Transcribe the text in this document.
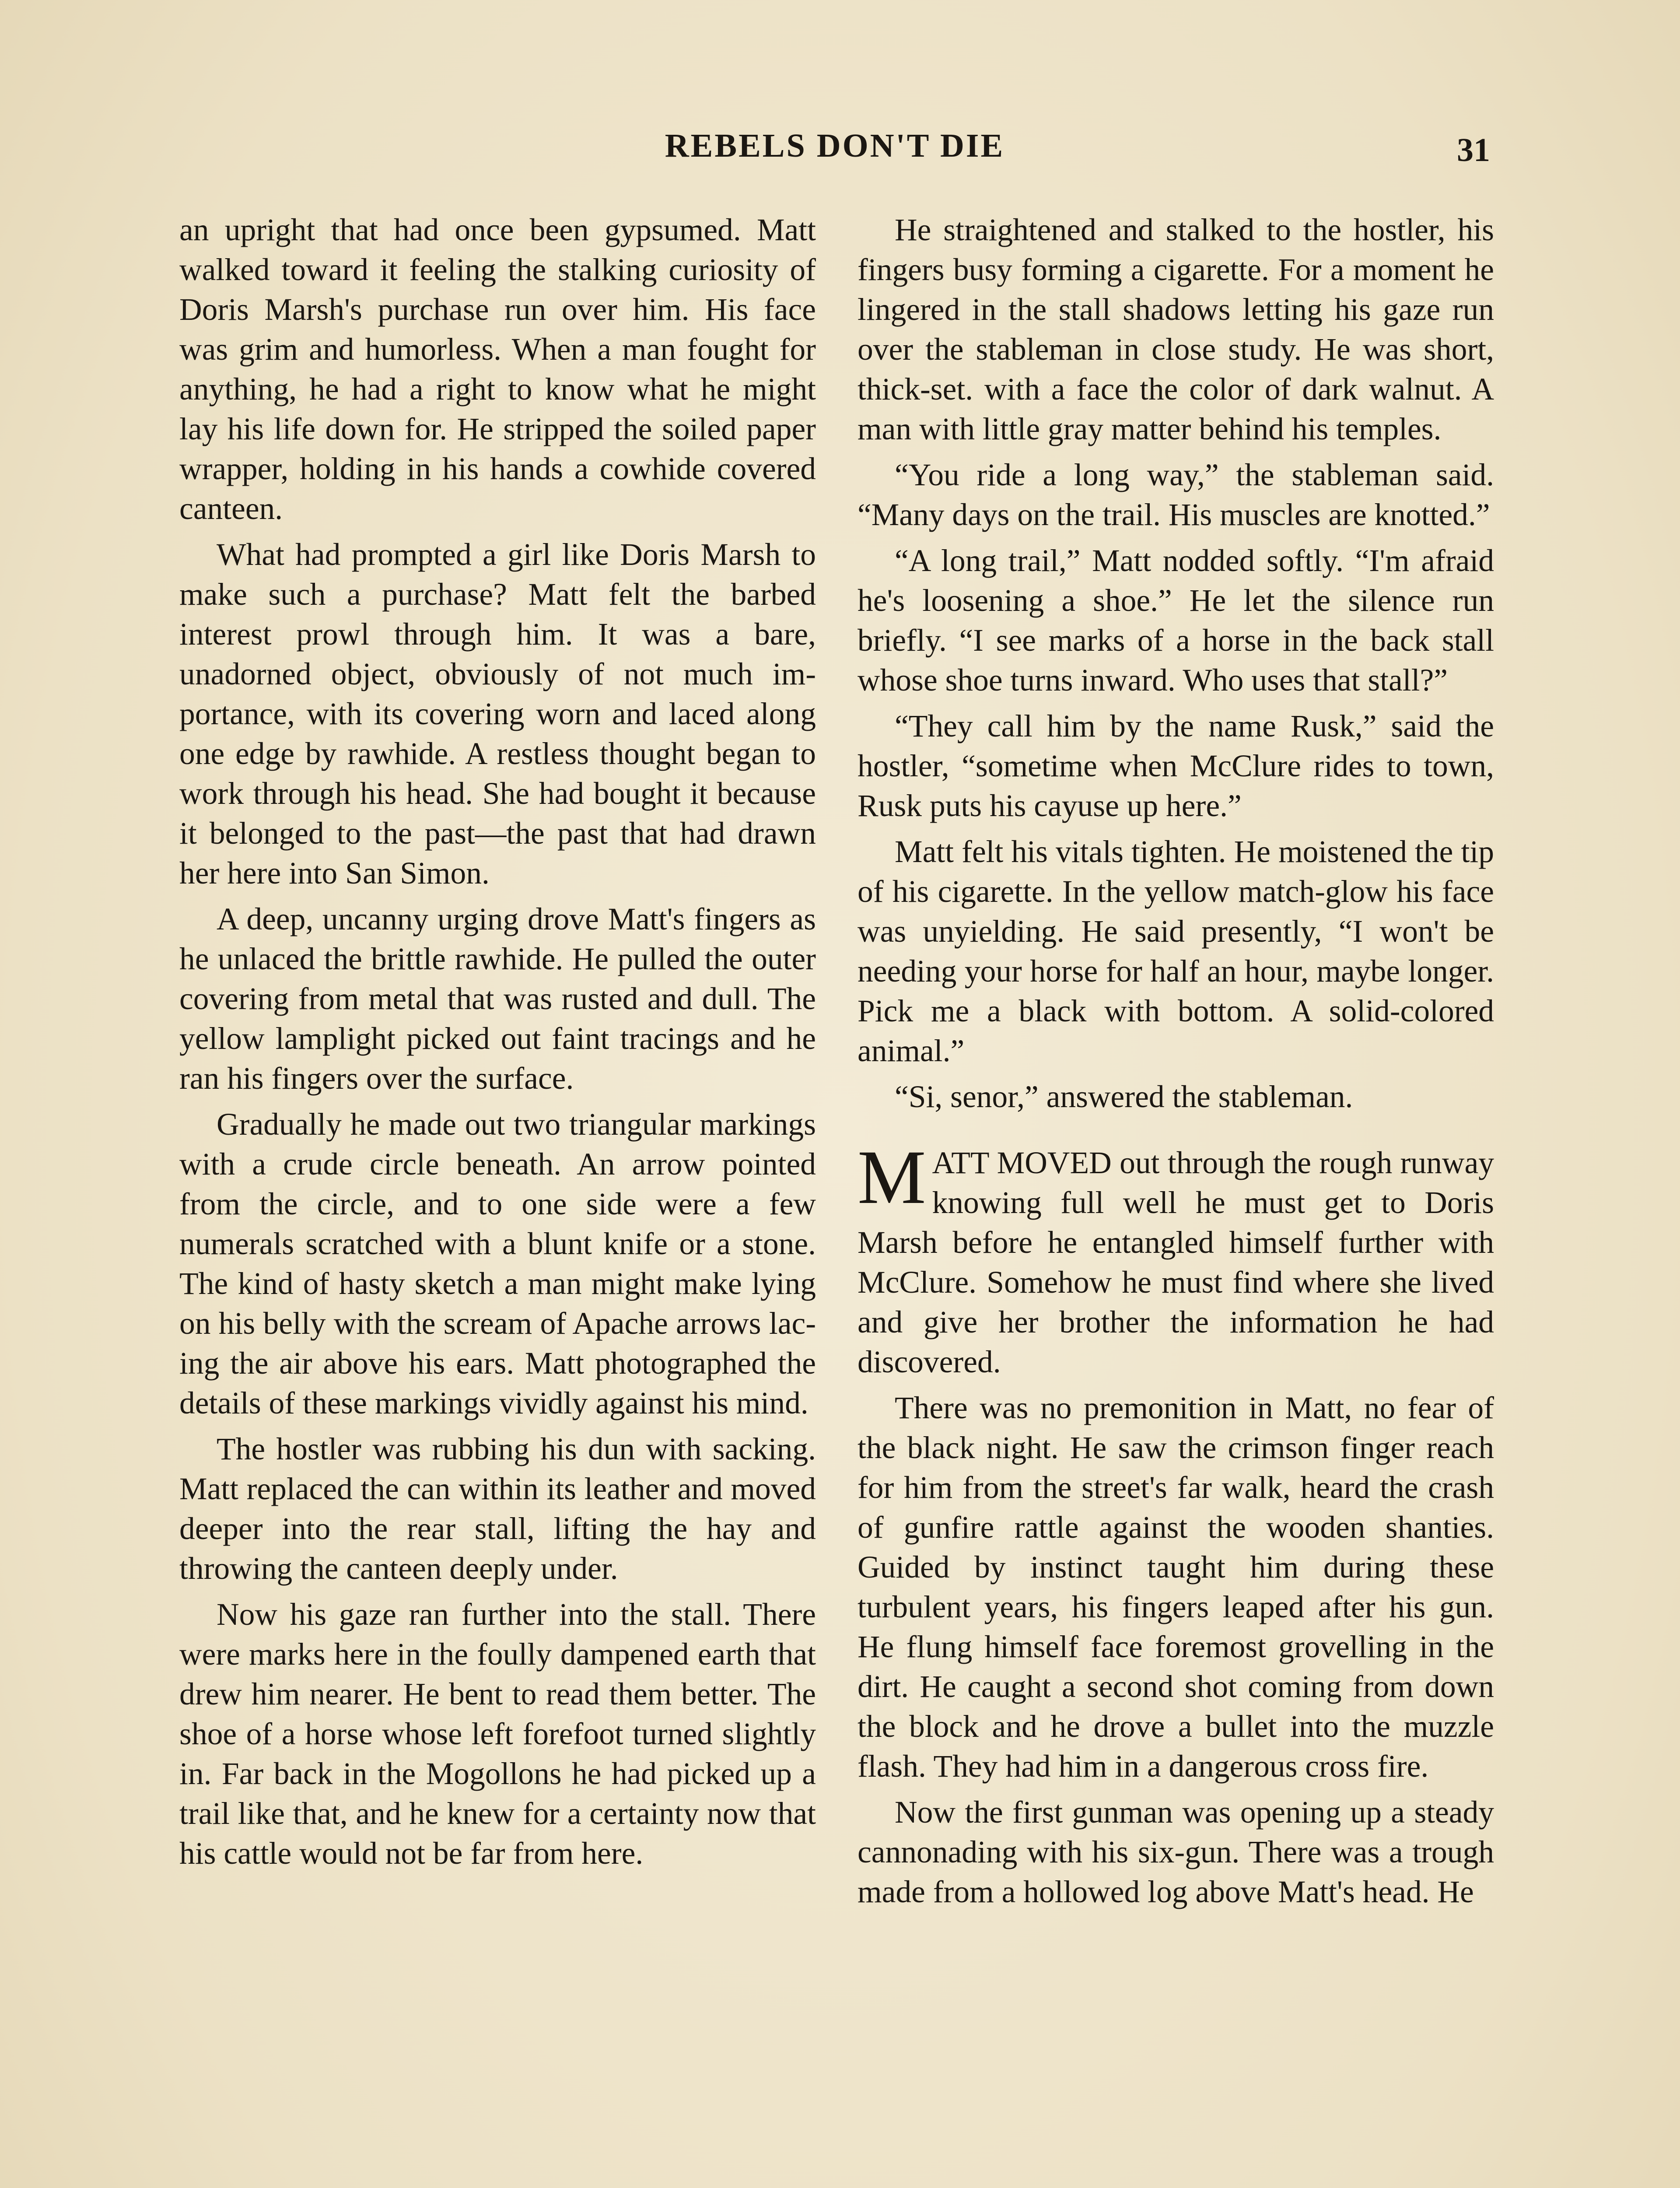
REBELS DON'T DIE	31

an upright that had once been gypsumed. Matt walked toward it feeling the stalking curiosity of Doris Marsh's purchase run over him. His face was grim and humorless. When a man fought for anything, he had a right to know what he might lay his life down for. He stripped the soiled paper wrapper, holding in his hands a cowhide covered canteen.

What had prompted a girl like Doris Marsh to make such a purchase? Matt felt the barbed interest prowl through him. It was a bare, unadorned object, obviously of not much importance, with its covering worn and laced along one edge by rawhide. A restless thought began to work through his head. She had bought it because it belonged to the past—the past that had drawn her here into San Simon.

A deep, uncanny urging drove Matt's fingers as he unlaced the brittle rawhide. He pulled the outer covering from metal that was rusted and dull. The yellow lamplight picked out faint tracings and he ran his fingers over the surface.

Gradually he made out two triangular markings with a crude circle beneath. An arrow pointed from the circle, and to one side were a few numerals scratched with a blunt knife or a stone. The kind of hasty sketch a man might make lying on his belly with the scream of Apache arrows lacing the air above his ears. Matt photographed the details of these markings vividly against his mind.

The hostler was rubbing his dun with sacking. Matt replaced the can within its leather and moved deeper into the rear stall, lifting the hay and throwing the canteen deeply under.

Now his gaze ran further into the stall. There were marks here in the foully dampened earth that drew him nearer. He bent to read them better. The shoe of a horse whose left forefoot turned slightly in. Far back in the Mogollons he had picked up a trail like that, and he knew for a certainty now that his cattle would not be far from here.

He straightened and stalked to the hostler, his fingers busy forming a cigarette. For a moment he lingered in the stall shadows letting his gaze run over the stableman in close study. He was short, thick-set. with a face the color of dark walnut. A man with little gray matter behind his temples.

“You ride a long way,” the stableman said. “Many days on the trail. His muscles are knotted.”

“A long trail,” Matt nodded softly. “I'm afraid he's loosening a shoe.” He let the silence run briefly. “I see marks of a horse in the back stall whose shoe turns inward. Who uses that stall?”

“They call him by the name Rusk,” said the hostler, “sometime when McClure rides to town, Rusk puts his cayuse up here.”

Matt felt his vitals tighten. He moistened the tip of his cigarette. In the yellow match-glow his face was unyielding. He said presently, “I won't be needing your horse for half an hour, maybe longer. Pick me a black with bottom. A solid-colored animal.”

“Si, senor,” answered the stableman.

MATT MOVED out through the rough runway knowing full well he must get to Doris Marsh before he entangled himself further with McClure. Somehow he must find where she lived and give her brother the information he had discovered.

There was no premonition in Matt, no fear of the black night. He saw the crimson finger reach for him from the street's far walk, heard the crash of gunfire rattle against the wooden shanties. Guided by instinct taught him during these turbulent years, his fingers leaped after his gun. He flung himself face foremost grovelling in the dirt. He caught a second shot coming from down the block and he drove a bullet into the muzzle flash. They had him in a dangerous cross fire.

Now the first gunman was opening up a steady cannonading with his six-gun. There was a trough made from a hollowed log above Matt's head. He
